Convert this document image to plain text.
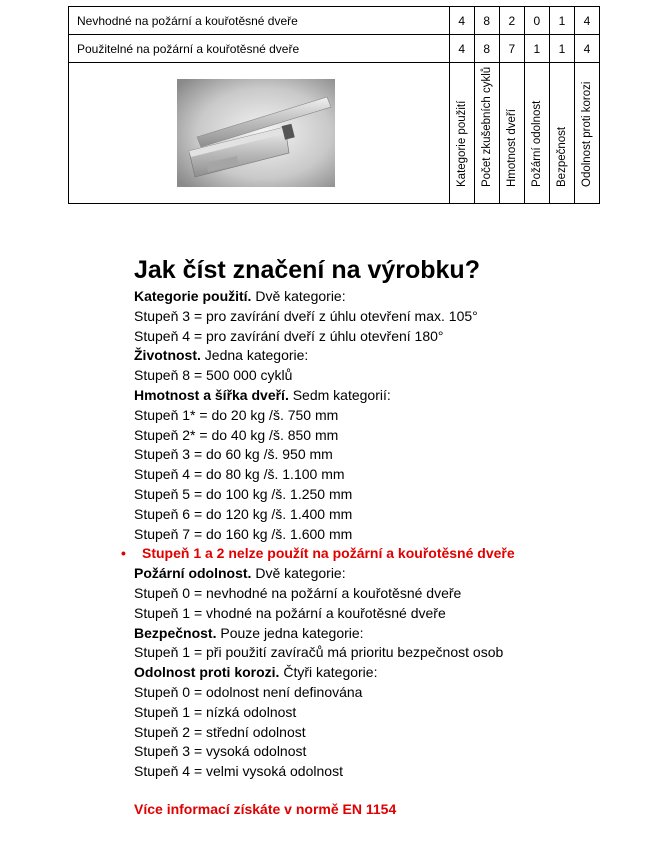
Nevhodné na požární a kouřotěsné dveře	4	8	2	0	1	4
Použitelné na požární a kouřotěsné dveře	4	8	7	1	1	4

Kategorie použití	Počet zkušebních cyklů	Hmotnost dveří	Požární odolnost	Bezpečnost	Odolnost proti korozi
Jak číst značení na výrobku?
Kategorie použití. Dvě kategorie:
Stupeň 3 = pro zavírání dveří z úhlu otevření max. 105°
Stupeň 4 = pro zavírání dveří z úhlu otevření 180°
Životnost. Jedna kategorie:
Stupeň 8 = 500 000 cyklů
Hmotnost a šířka dveří. Sedm kategorií:
Stupeň 1* = do 20 kg /š. 750 mm
Stupeň 2* = do 40 kg /š. 850 mm
Stupeň 3 = do 60 kg /š. 950 mm
Stupeň 4 = do 80 kg /š. 1.100 mm
Stupeň 5 = do 100 kg /š. 1.250 mm
Stupeň 6 = do 120 kg /š. 1.400 mm
Stupeň 7 = do 160 kg /š. 1.600 mm
• Stupeň 1 a 2 nelze použít na požární a kouřotěsné dveře
Požární odolnost. Dvě kategorie:
Stupeň 0 = nevhodné na požární a kouřotěsné dveře
Stupeň 1 = vhodné na požární a kouřotěsné dveře
Bezpečnost. Pouze jedna kategorie:
Stupeň 1 = při použití zavíračů má prioritu bezpečnost osob
Odolnost proti korozi. Čtyři kategorie:
Stupeň 0 = odolnost není definována
Stupeň 1 = nízká odolnost
Stupeň 2 = střední odolnost
Stupeň 3 = vysoká odolnost
Stupeň 4 = velmi vysoká odolnost
Více informací získáte v normě EN 1154
